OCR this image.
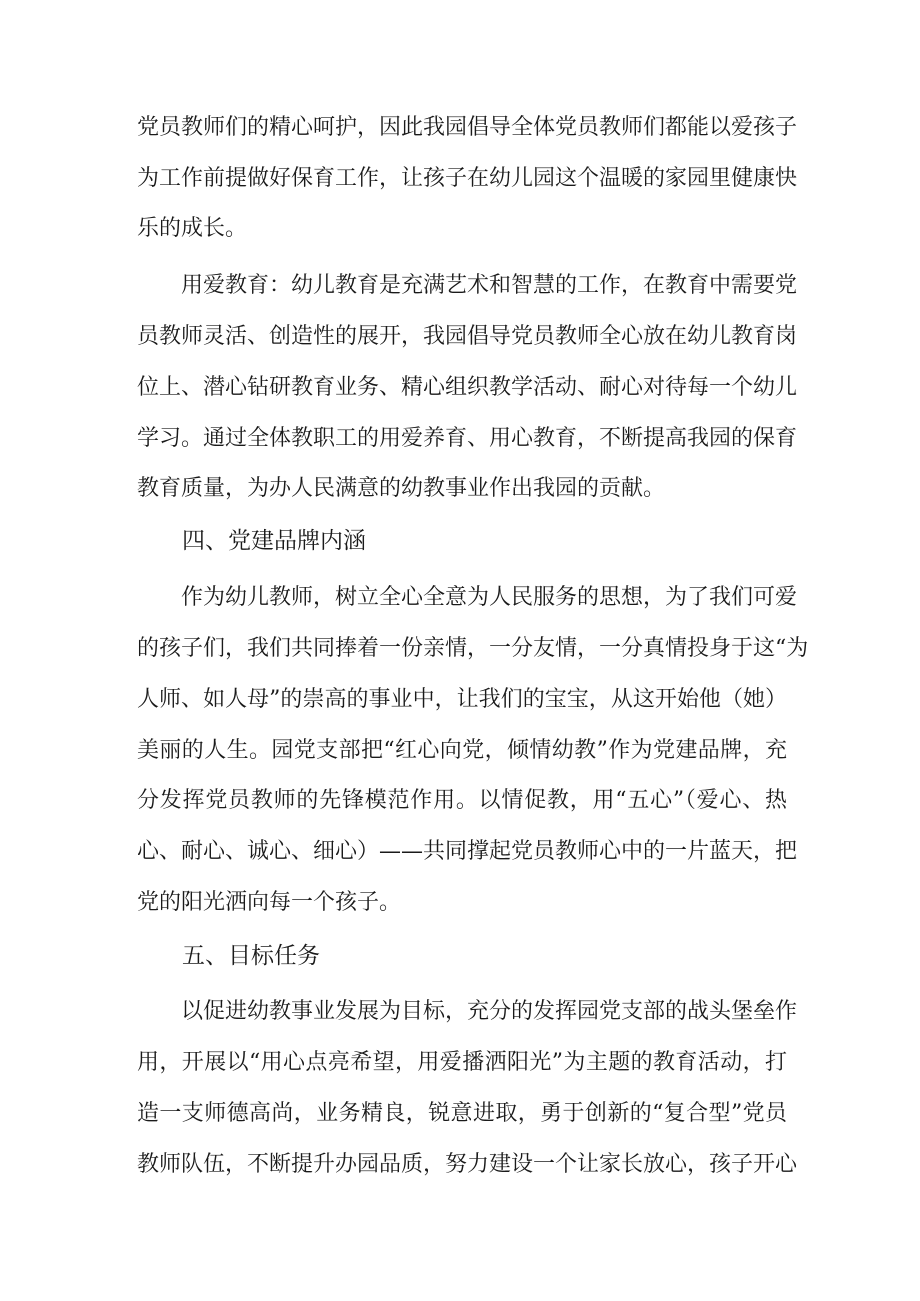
党员教师们的精心呵护，因此我园倡导全体党员教师们都能以爱孩子
为工作前提做好保育工作，让孩子在幼儿园这个温暖的家园里健康快
乐的成长。
　　用爱教育：幼儿教育是充满艺术和智慧的工作，在教育中需要党
员教师灵活、创造性的展开，我园倡导党员教师全心放在幼儿教育岗
位上、潜心钻研教育业务、精心组织教学活动、耐心对待每一个幼儿
学习。通过全体教职工的用爱养育、用心教育，不断提高我园的保育
教育质量，为办人民满意的幼教事业作出我园的贡献。
四、党建品牌内涵
　　作为幼儿教师，树立全心全意为人民服务的思想，为了我们可爱
的孩子们，我们共同捧着一份亲情，一分友情，一分真情投身于这“为
人师、如人母”的崇高的事业中，让我们的宝宝，从这开始他（她）
美丽的人生。园党支部把“红心向党，倾情幼教”作为党建品牌，充
分发挥党员教师的先锋模范作用。以情促教，用“五心”（爱心、热
心、耐心、诚心、细心）——共同撑起党员教师心中的一片蓝天，把
党的阳光洒向每一个孩子。
五、目标任务
　　以促进幼教事业发展为目标，充分的发挥园党支部的战头堡垒作
用，开展以“用心点亮希望，用爱播洒阳光”为主题的教育活动，打
造一支师德高尚，业务精良，锐意进取，勇于创新的“复合型”党员
教师队伍，不断提升办园品质，努力建设一个让家长放心，孩子开心
